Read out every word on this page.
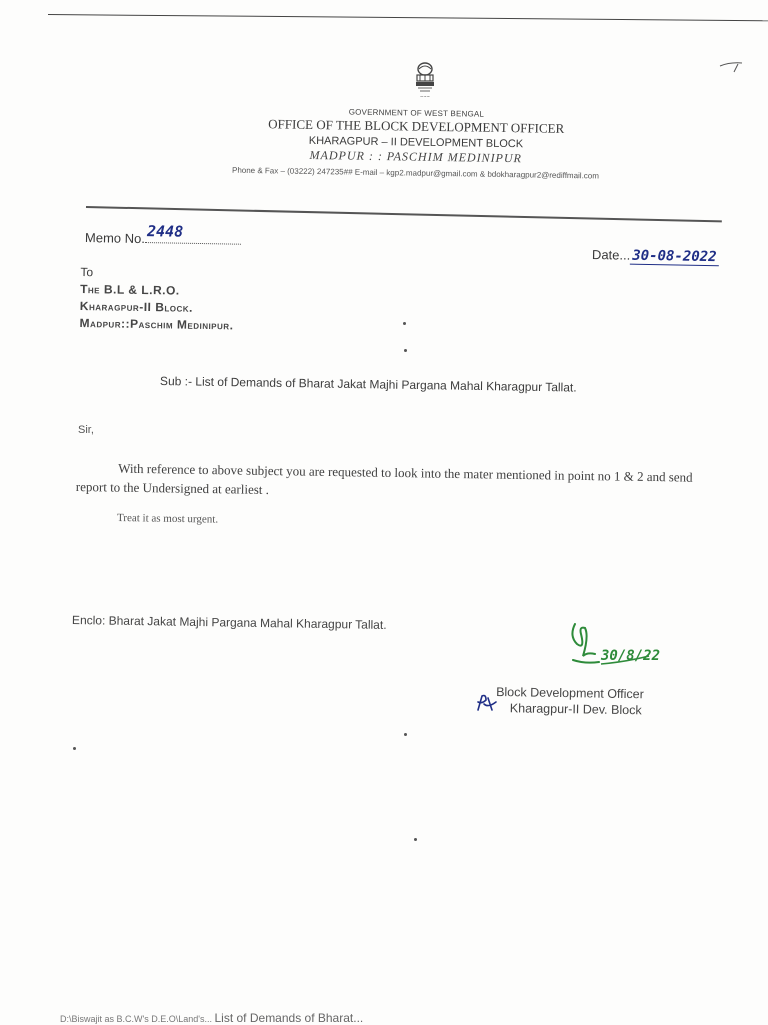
~~~
GOVERNMENT OF WEST BENGAL
OFFICE OF THE BLOCK DEVELOPMENT OFFICER
KHARAGPUR – II DEVELOPMENT BLOCK
MADPUR : : PASCHIM MEDINIPUR
Phone & Fax – (03222) 247235## E-mail – kgp2.madpur@gmail.com & bdokharagpur2@rediffmail.com
Memo No. 2448
Date... 30-08-2022
To
The B.L & L.R.O.
Kharagpur-II Block.
Madpur::Paschim Medinipur.
Sub :- List of Demands of Bharat Jakat Majhi Pargana Mahal Kharagpur Tallat.
Sir,
With reference to above subject you are requested to look into the mater mentioned in point no 1 & 2 and send report to the Undersigned at earliest .
Treat it as most urgent.
Enclo: Bharat Jakat Majhi Pargana Mahal Kharagpur Tallat.
30/8/22
Block Development Officer
Kharagpur-II Dev. Block
D:\Biswajit as B.C.W's D.E.O\Land's... List of Demands of Bharat...
